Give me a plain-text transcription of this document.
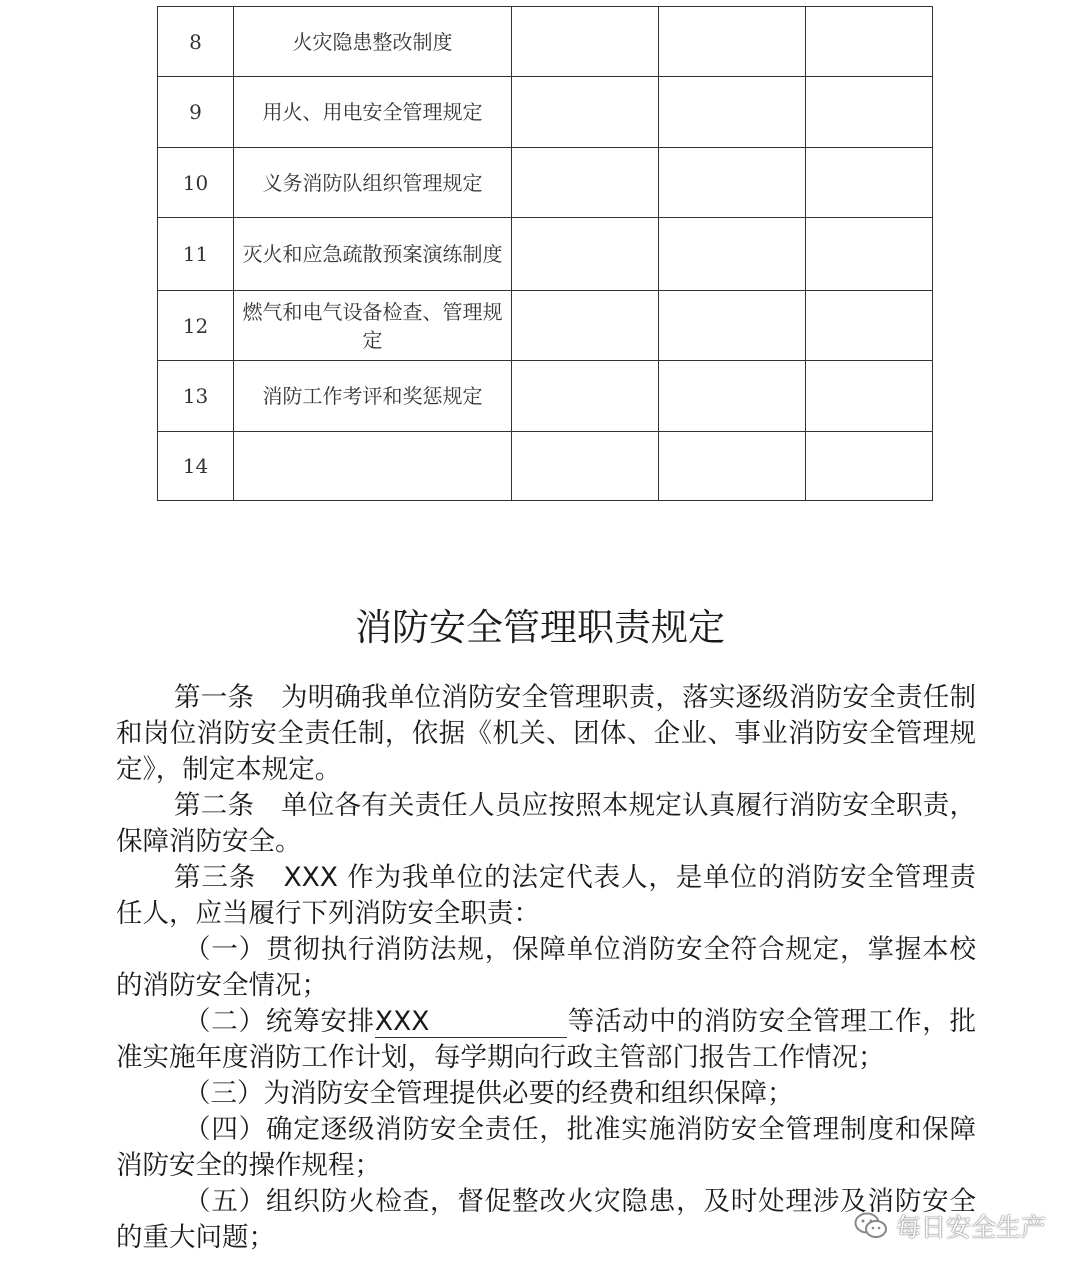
8	火灾隐患整改制度			
9	用火、用电安全管理规定			
10	义务消防队组织管理规定			
11	灭火和应急疏散预案演练制度			
12	燃气和电气设备检查、管理规定			
13	消防工作考评和奖惩规定			
14				
消防安全管理职责规定

第一条　为明确我单位消防安全管理职责，落实逐级消防安全责任制和岗位消防安全责任制，依据《机关、团体、企业、事业消防安全管理规定》，制定本规定。

第二条　单位各有关责任人员应按照本规定认真履行消防安全职责，保障消防安全。

第三条　XXX 作为我单位的法定代表人，是单位的消防安全管理责任人，应当履行下列消防安全职责：

（一）贯彻执行消防法规，保障单位消防安全符合规定，掌握本校的消防安全情况；

（二）统筹安排XXX	等活动中的消防安全管理工作，批准实施年度消防工作计划，每学期向行政主管部门报告工作情况；

（三）为消防安全管理提供必要的经费和组织保障；

（四）确定逐级消防安全责任，批准实施消防安全管理制度和保障消防安全的操作规程；

（五）组织防火检查，督促整改火灾隐患，及时处理涉及消防安全的重大问题；	每日安全生产
